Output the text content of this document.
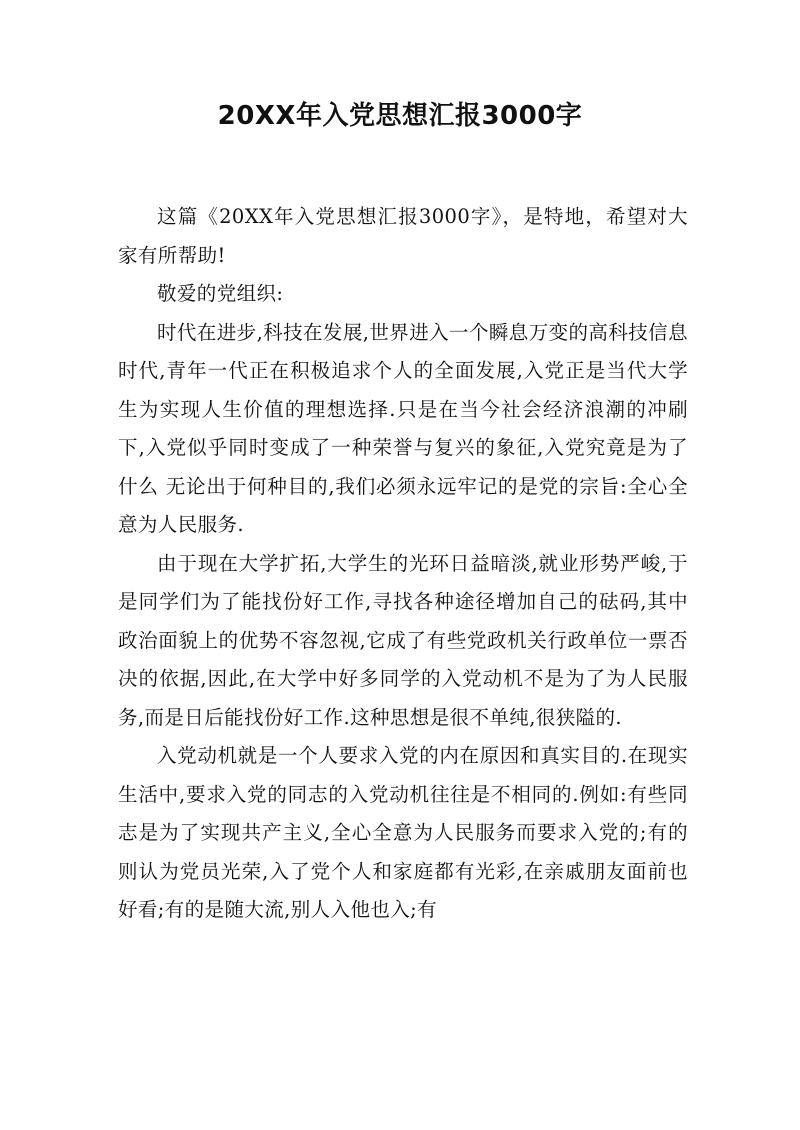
20XX年入党思想汇报3000字

这篇《20XX年入党思想汇报3000字》，是特地，希望对大家有所帮助!

敬爱的党组织:

时代在进步,科技在发展,世界进入一个瞬息万变的高科技信息时代,青年一代正在积极追求个人的全面发展,入党正是当代大学生为实现人生价值的理想选择.只是在当今社会经济浪潮的冲刷下,入党似乎同时变成了一种荣誉与复兴的象征,入党究竟是为了什么 无论出于何种目的,我们必须永远牢记的是党的宗旨:全心全意为人民服务.

由于现在大学扩拓,大学生的光环日益暗淡,就业形势严峻,于是同学们为了能找份好工作,寻找各种途径增加自己的砝码,其中政治面貌上的优势不容忽视,它成了有些党政机关行政单位一票否决的依据,因此,在大学中好多同学的入党动机不是为了为人民服务,而是日后能找份好工作.这种思想是很不单纯,很狭隘的.

入党动机就是一个人要求入党的内在原因和真实目的.在现实生活中,要求入党的同志的入党动机往往是不相同的.例如:有些同志是为了实现共产主义,全心全意为人民服务而要求入党的;有的则认为党员光荣,入了党个人和家庭都有光彩,在亲戚朋友面前也好看;有的是随大流,别人入他也入;有
